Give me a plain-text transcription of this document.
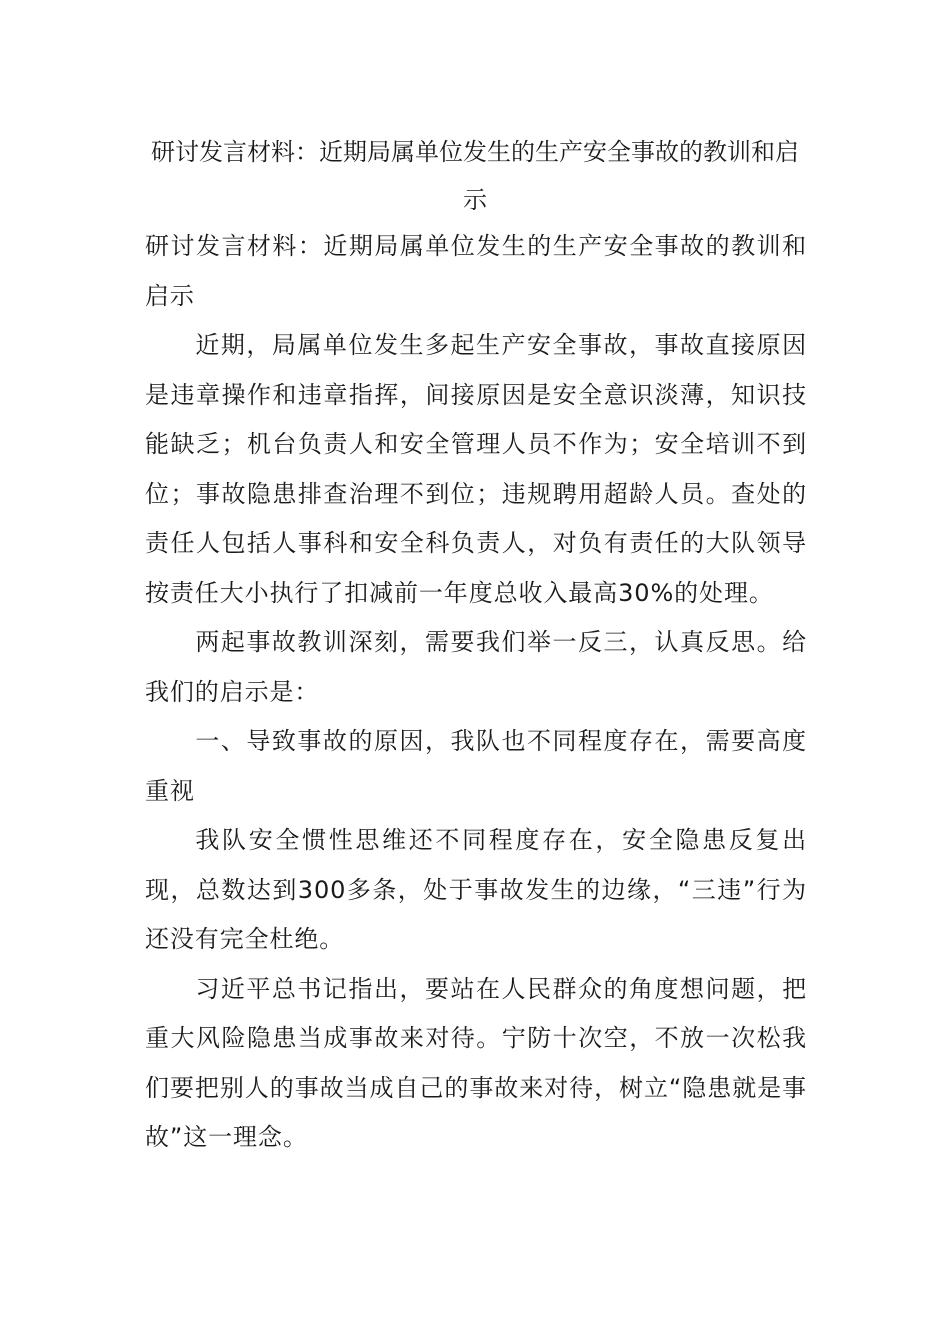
研讨发言材料：近期局属单位发生的生产安全事故的教训和启示

研讨发言材料：近期局属单位发生的生产安全事故的教训和启示

近期，局属单位发生多起生产安全事故，事故直接原因是违章操作和违章指挥，间接原因是安全意识淡薄，知识技能缺乏；机台负责人和安全管理人员不作为；安全培训不到位；事故隐患排查治理不到位；违规聘用超龄人员。查处的责任人包括人事科和安全科负责人，对负有责任的大队领导按责任大小执行了扣减前一年度总收入最高30%的处理。

两起事故教训深刻，需要我们举一反三，认真反思。给我们的启示是：

一、导致事故的原因，我队也不同程度存在，需要高度重视

我队安全惯性思维还不同程度存在，安全隐患反复出现，总数达到300多条，处于事故发生的边缘，“三违”行为还没有完全杜绝。

习近平总书记指出，要站在人民群众的角度想问题，把重大风险隐患当成事故来对待。宁防十次空，不放一次松我们要把别人的事故当成自己的事故来对待，树立“隐患就是事故”这一理念。
